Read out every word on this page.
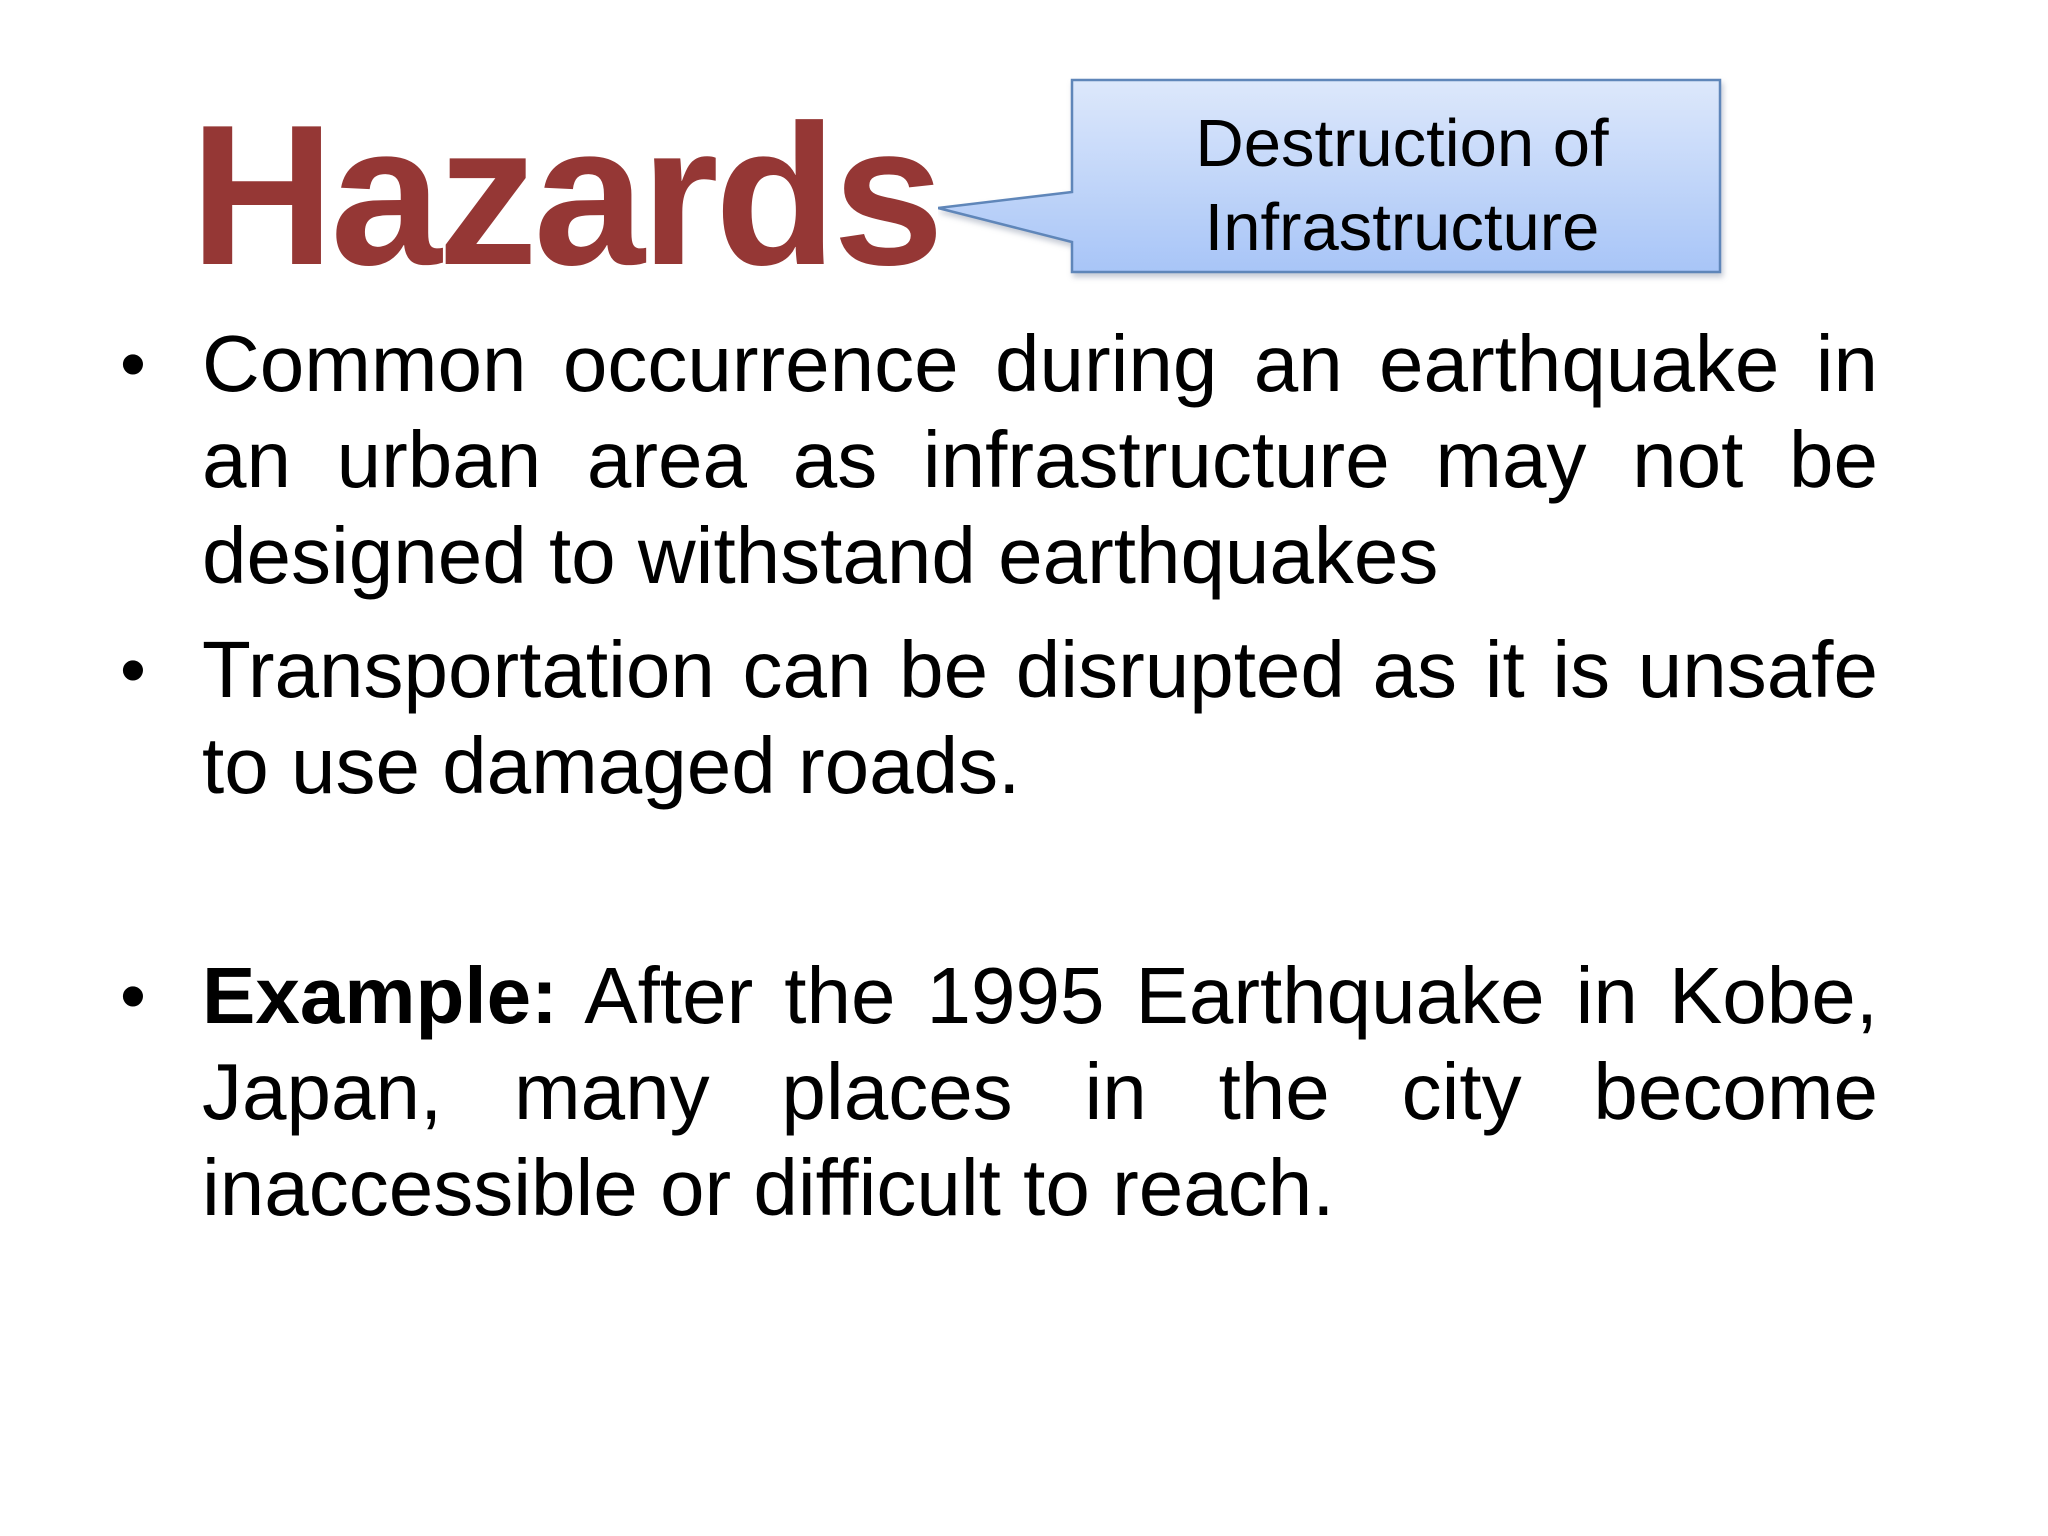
Hazards	Destruction of
Infrastructure

• Common occurrence during an earthquake in an urban area as infrastructure may not be designed to withstand earthquakes
• Transportation can be disrupted as it is unsafe to use damaged roads.
• Example: After the 1995 Earthquake in Kobe, Japan, many places in the city become inaccessible or difficult to reach.
